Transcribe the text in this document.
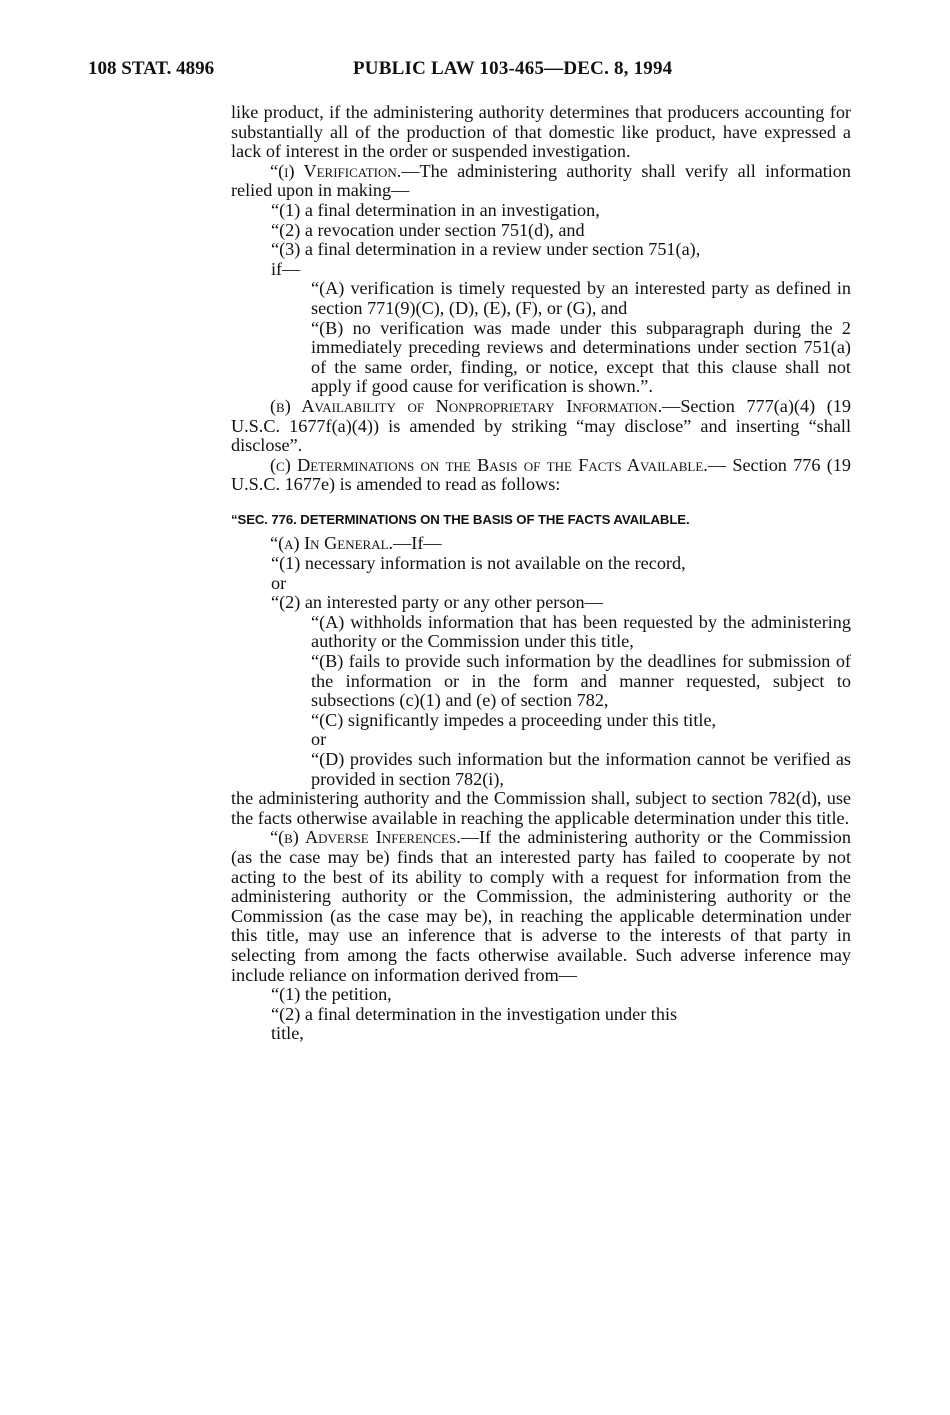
108 STAT. 4896	PUBLIC LAW 103-465—DEC. 8, 1994

like product, if the administering authority determines that producers accounting for substantially all of the production of that domestic like product, have expressed a lack of interest in the order or suspended investigation.

“(i) Verification.—The administering authority shall verify all information relied upon in making—

“(1) a final determination in an investigation,

“(2) a revocation under section 751(d), and

“(3) a final determination in a review under section 751(a),

if—

“(A) verification is timely requested by an interested party as defined in section 771(9)(C), (D), (E), (F), or (G), and

“(B) no verification was made under this subparagraph during the 2 immediately preceding reviews and determinations under section 751(a) of the same order, finding, or notice, except that this clause shall not apply if good cause for verification is shown.”.

(b) Availability of Nonproprietary Information.—Section 777(a)(4) (19 U.S.C. 1677f(a)(4)) is amended by striking “may disclose” and inserting “shall disclose”.

(c) Determinations on the Basis of the Facts Available.— Section 776 (19 U.S.C. 1677e) is amended to read as follows:

“SEC. 776. DETERMINATIONS ON THE BASIS OF THE FACTS AVAILABLE.

“(a) In General.—If—

“(1) necessary information is not available on the record,

or

“(2) an interested party or any other person—

“(A) withholds information that has been requested by the administering authority or the Commission under this title,

“(B) fails to provide such information by the deadlines for submission of the information or in the form and manner requested, subject to subsections (c)(1) and (e) of section 782,

“(C) significantly impedes a proceeding under this title,

or

“(D) provides such information but the information cannot be verified as provided in section 782(i),

the administering authority and the Commission shall, subject to section 782(d), use the facts otherwise available in reaching the applicable determination under this title.

“(b) Adverse Inferences.—If the administering authority or the Commission (as the case may be) finds that an interested party has failed to cooperate by not acting to the best of its ability to comply with a request for information from the administering authority or the Commission, the administering authority or the Commission (as the case may be), in reaching the applicable determination under this title, may use an inference that is adverse to the interests of that party in selecting from among the facts otherwise available. Such adverse inference may include reliance on information derived from—

“(1) the petition,

“(2) a final determination in the investigation under this

title,
